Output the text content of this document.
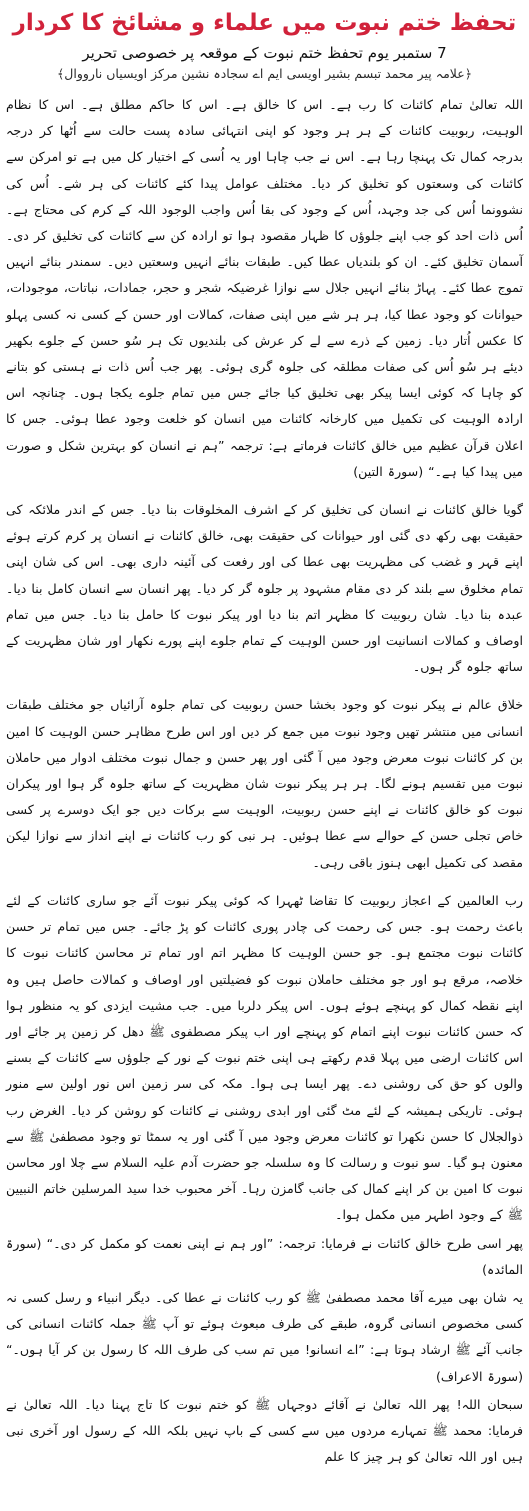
تحفظ ختم نبوت میں علماء و مشائخ کا کردار

7 ستمبر یوم تحفظ ختم نبوت کے موقعہ پر خصوصی تحریر

﴿علامہ پیر محمد تبسم بشیر اویسی ایم اے سجادہ نشین مرکز اویسیاں نارووال﴾

اللہ تعالیٰ تمام کائنات کا رب ہے۔ اس کا خالق ہے۔ اس کا حاکم مطلق ہے۔ اس کا نظام الوہیت، ربوبیت کائنات کے ہر ہر وجود کو اپنی انتہائی سادہ پست حالت سے اُٹھا کر درجہ بدرجہ کمال تک پہنچا رہا ہے۔ اس نے جب چاہا اور یہ اُسی کے اختیار کل میں ہے تو امرکن سے کائنات کی وسعتوں کو تخلیق کر دیا۔ مختلف عوامل پیدا کئے کائنات کی ہر شے۔ اُس کی نشوونما اُس کی جد وجہد، اُس کے وجود کی بقا اُس واجب الوجود اللہ کے کرم کی محتاج ہے۔ اُس ذات احد کو جب اپنے جلوؤں کا ظہار مقصود ہوا تو ارادہ کن سے کائنات کی تخلیق کر دی۔ آسمان تخلیق کئے۔ ان کو بلندیاں عطا کیں۔ طبقات بنائے انہیں وسعتیں دیں۔ سمندر بنائے انہیں تموج عطا کئے۔ پہاڑ بنائے انہیں جلال سے نوازا غرضیکہ شجر و حجر، جمادات، نباتات، موجودات، حیوانات کو وجود عطا کیا، ہر ہر شے میں اپنی صفات، کمالات اور حسن کے کسی نہ کسی پہلو کا عکس اُتار دیا۔ زمین کے ذرے سے لے کر عرش کی بلندیوں تک ہر سُو حسن کے جلوے بکھیر دیئے ہر سُو اُس کی صفات مطلقہ کی جلوہ گری ہوئی۔ پھر جب اُس ذات نے ہستی کو بتانے کو چاہا کہ کوئی ایسا پیکر بھی تخلیق کیا جائے جس میں تمام جلوے یکجا ہوں۔ چنانچہ اس ارادہ الوہیت کی تکمیل میں کارخانہ کائنات میں انسان کو خلعت وجود عطا ہوئی۔ جس کا اعلان قرآن عظیم میں خالق کائنات فرماتے ہے: ترجمہ ”ہم نے انسان کو بہترین شکل و صورت میں پیدا کیا ہے۔“ (سورۃ التین)

گویا خالق کائنات نے انسان کی تخلیق کر کے اشرف المخلوقات بنا دیا۔ جس کے اندر ملائکہ کی حقیقت بھی رکھ دی گئی اور حیوانات کی حقیقت بھی، خالق کائنات نے انسان پر کرم کرتے ہوئے اپنے قہر و غضب کی مظہریت بھی عطا کی اور رفعت کی آئینہ داری بھی۔ اس کی شان اپنی تمام مخلوق سے بلند کر دی مقام مشہود پر جلوہ گر کر دیا۔ پھر انسان سے انسان کامل بنا دیا۔ عبدہ بنا دیا۔ شان ربوبیت کا مظہر اتم بنا دیا اور پیکر نبوت کا حامل بنا دیا۔ جس میں تمام اوصاف و کمالات انسانیت اور حسن الوہیت کے تمام جلوے اپنے پورے نکھار اور شان مظہریت کے ساتھ جلوہ گر ہوں۔

خلاق عالم نے پیکر نبوت کو وجود بخشا حسن ربوبیت کی تمام جلوہ آرائیاں جو مختلف طبقات انسانی میں منتشر تھیں وجود نبوت میں جمع کر دیں اور اس طرح مظاہر حسن الوہیت کا امین بن کر کائنات نبوت معرض وجود میں آ گئی اور پھر حسن و جمال نبوت مختلف ادوار میں حاملان نبوت میں تقسیم ہونے لگا۔ ہر ہر پیکر نبوت شان مظہریت کے ساتھ جلوہ گر ہوا اور پیکران نبوت کو خالق کائنات نے اپنے حسن ربوبیت، الوہیت سے برکات دیں جو ایک دوسرے پر کسی خاص تجلی حسن کے حوالے سے عطا ہوئیں۔ ہر نبی کو رب کائنات نے اپنے انداز سے نوازا لیکن مقصد کی تکمیل ابھی ہنوز باقی رہی۔

رب العالمین کے اعجاز ربوبیت کا تقاضا ٹھہرا کہ کوئی پیکر نبوت آئے جو ساری کائنات کے لئے باعث رحمت ہو۔ جس کی رحمت کی چادر پوری کائنات کو پڑ جائے۔ جس میں تمام تر حسن کائنات نبوت مجتمع ہو۔ جو حسن الوہیت کا مظہر اتم اور تمام تر محاسن کائنات نبوت کا خلاصہ، مرقع ہو اور جو مختلف حاملان نبوت کو فضیلتیں اور اوصاف و کمالات حاصل ہیں وہ اپنے نقطہ کمال کو پہنچے ہوئے ہوں۔ اس پیکر دلربا میں۔ جب مشیت ایزدی کو یہ منظور ہوا کہ حسن کائنات نبوت اپنے اتمام کو پہنچے اور اب پیکر مصطفوی ﷺ دھل کر زمین پر جائے اور اس کائنات ارضی میں پہلا قدم رکھتے ہی اپنی ختم نبوت کے نور کے جلوؤں سے کائنات کے بسنے والوں کو حق کی روشنی دے۔ پھر ایسا ہی ہوا۔ مکہ کی سر زمین اس نور اولین سے منور ہوئی۔ تاریکی ہمیشہ کے لئے مٹ گئی اور ابدی روشنی نے کائنات کو روشن کر دیا۔ الغرض رب ذوالجلال کا حسن نکھرا تو کائنات معرض وجود میں آ گئی اور یہ سمٹا تو وجود مصطفیٰ ﷺ سے معنون ہو گیا۔ سو نبوت و رسالت کا وہ سلسلہ جو حضرت آدم علیہ السلام سے چلا اور محاسن نبوت کا امین بن کر اپنے کمال کی جانب گامزن رہا۔ آخر محبوب خدا سید المرسلین خاتم النبیین ﷺ کے وجود اطہر میں مکمل ہوا۔

پھر اسی طرح خالق کائنات نے فرمایا: ترجمہ: ”اور ہم نے اپنی نعمت کو مکمل کر دی۔“ (سورۃ المائدہ)

یہ شان بھی میرے آقا محمد مصطفیٰ ﷺ کو رب کائنات نے عطا کی۔ دیگر انبیاء و رسل کسی نہ کسی مخصوص انسانی گروہ، طبقے کی طرف مبعوث ہوئے تو آپ ﷺ جملہ کائنات انسانی کی جانب آئے ﷺ ارشاد ہوتا ہے: ”اے انسانو! میں تم سب کی طرف اللہ کا رسول بن کر آیا ہوں۔“ (سورۃ الاعراف)

سبحان اللہ! پھر اللہ تعالیٰ نے آقائے دوجہاں ﷺ کو ختم نبوت کا تاج پہنا دیا۔ اللہ تعالیٰ نے فرمایا: محمد ﷺ تمہارے مردوں میں سے کسی کے باپ نہیں بلکہ اللہ کے رسول اور آخری نبی ہیں اور اللہ تعالیٰ کو ہر چیز کا علم
